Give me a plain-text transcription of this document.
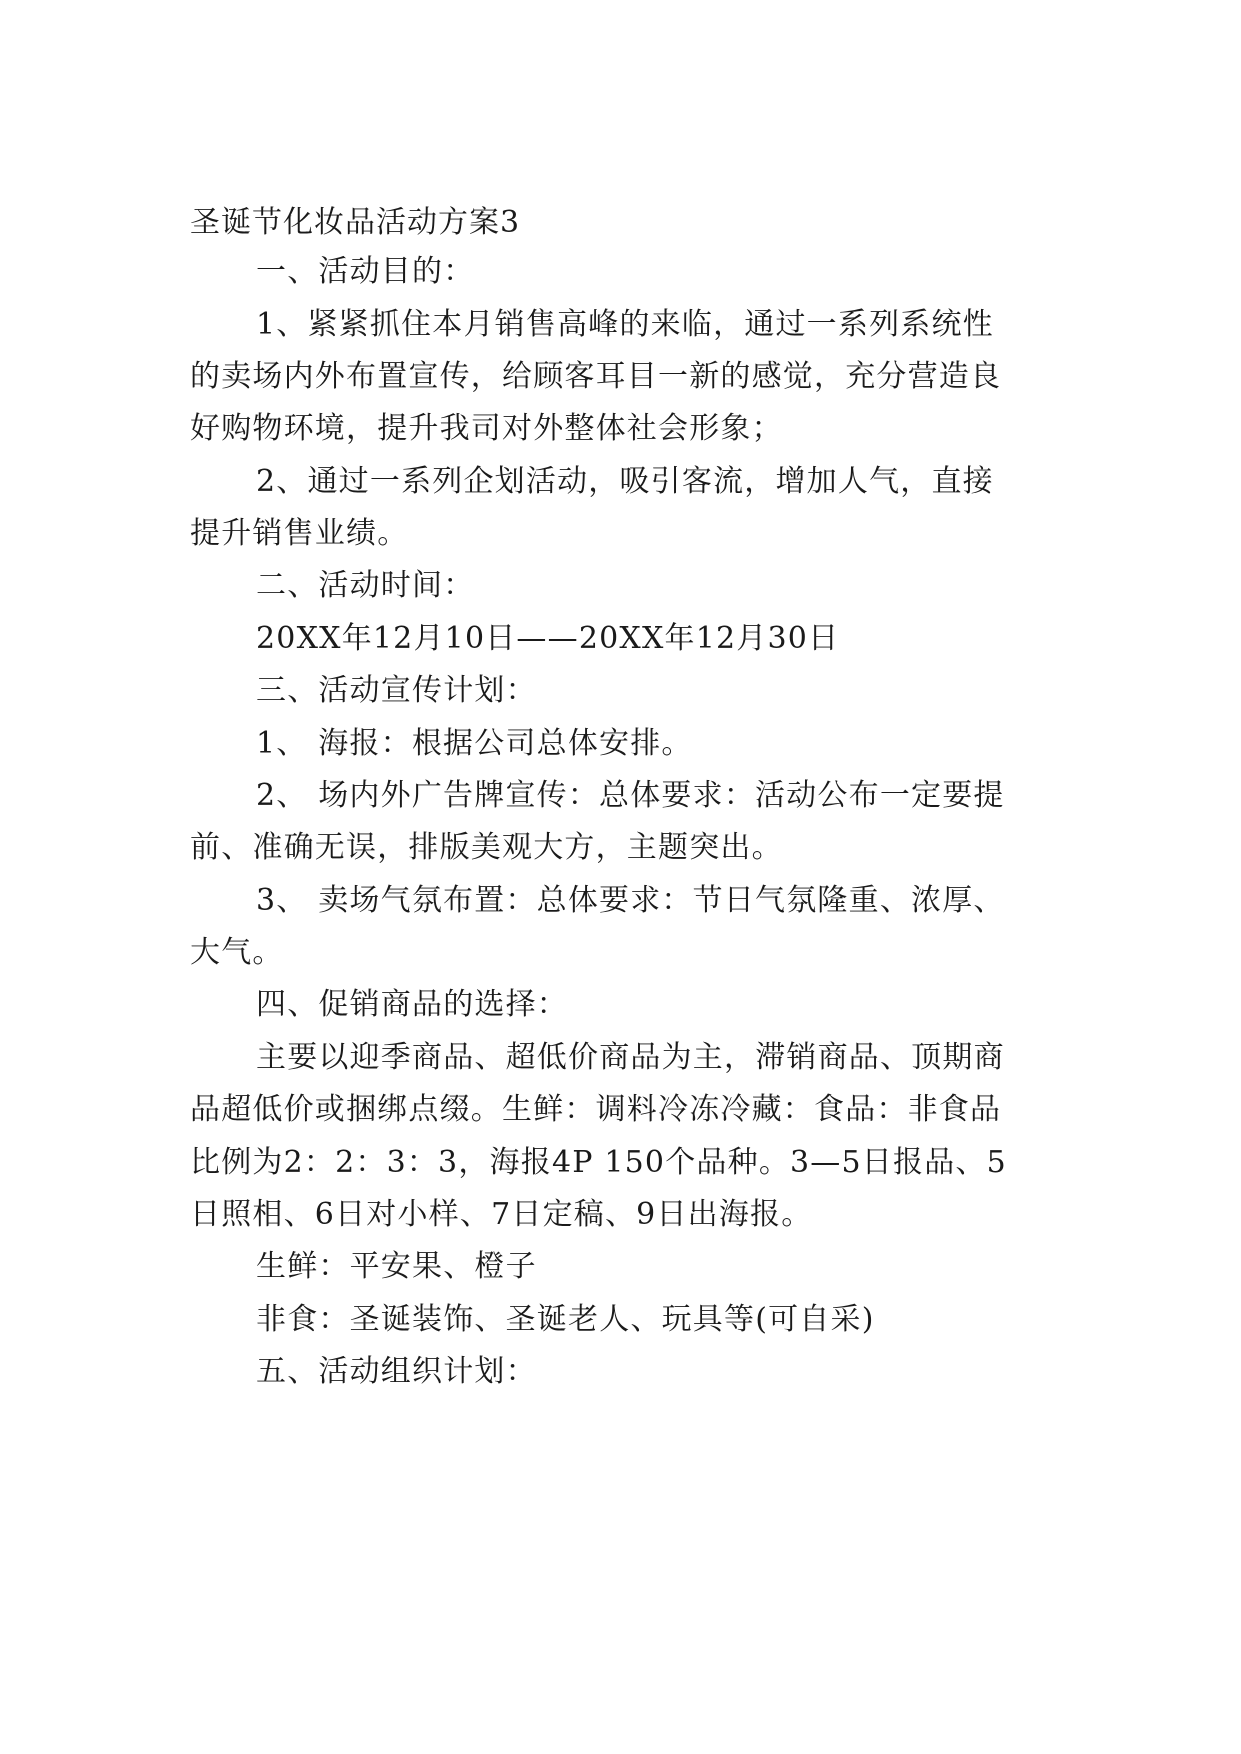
圣诞节化妆品活动方案3
一、活动目的：
1、紧紧抓住本月销售高峰的来临，通过一系列系统性
的卖场内外布置宣传，给顾客耳目一新的感觉，充分营造良
好购物环境，提升我司对外整体社会形象；
2、通过一系列企划活动，吸引客流，增加人气，直接
提升销售业绩。
二、活动时间：
20XX年12月10日——20XX年12月30日
三、活动宣传计划：
1、 海报：根据公司总体安排。
2、 场内外广告牌宣传：总体要求：活动公布一定要提
前、准确无误，排版美观大方，主题突出。
3、 卖场气氛布置：总体要求：节日气氛隆重、浓厚、
大气。
四、促销商品的选择：
主要以迎季商品、超低价商品为主，滞销商品、顶期商
品超低价或捆绑点缀。生鲜：调料冷冻冷藏：食品：非食品
比例为2：2：3：3，海报4P 150个品种。3—5日报品、5
日照相、6日对小样、7日定稿、9日出海报。
生鲜：平安果、橙子
非食：圣诞装饰、圣诞老人、玩具等(可自采)
五、活动组织计划：
